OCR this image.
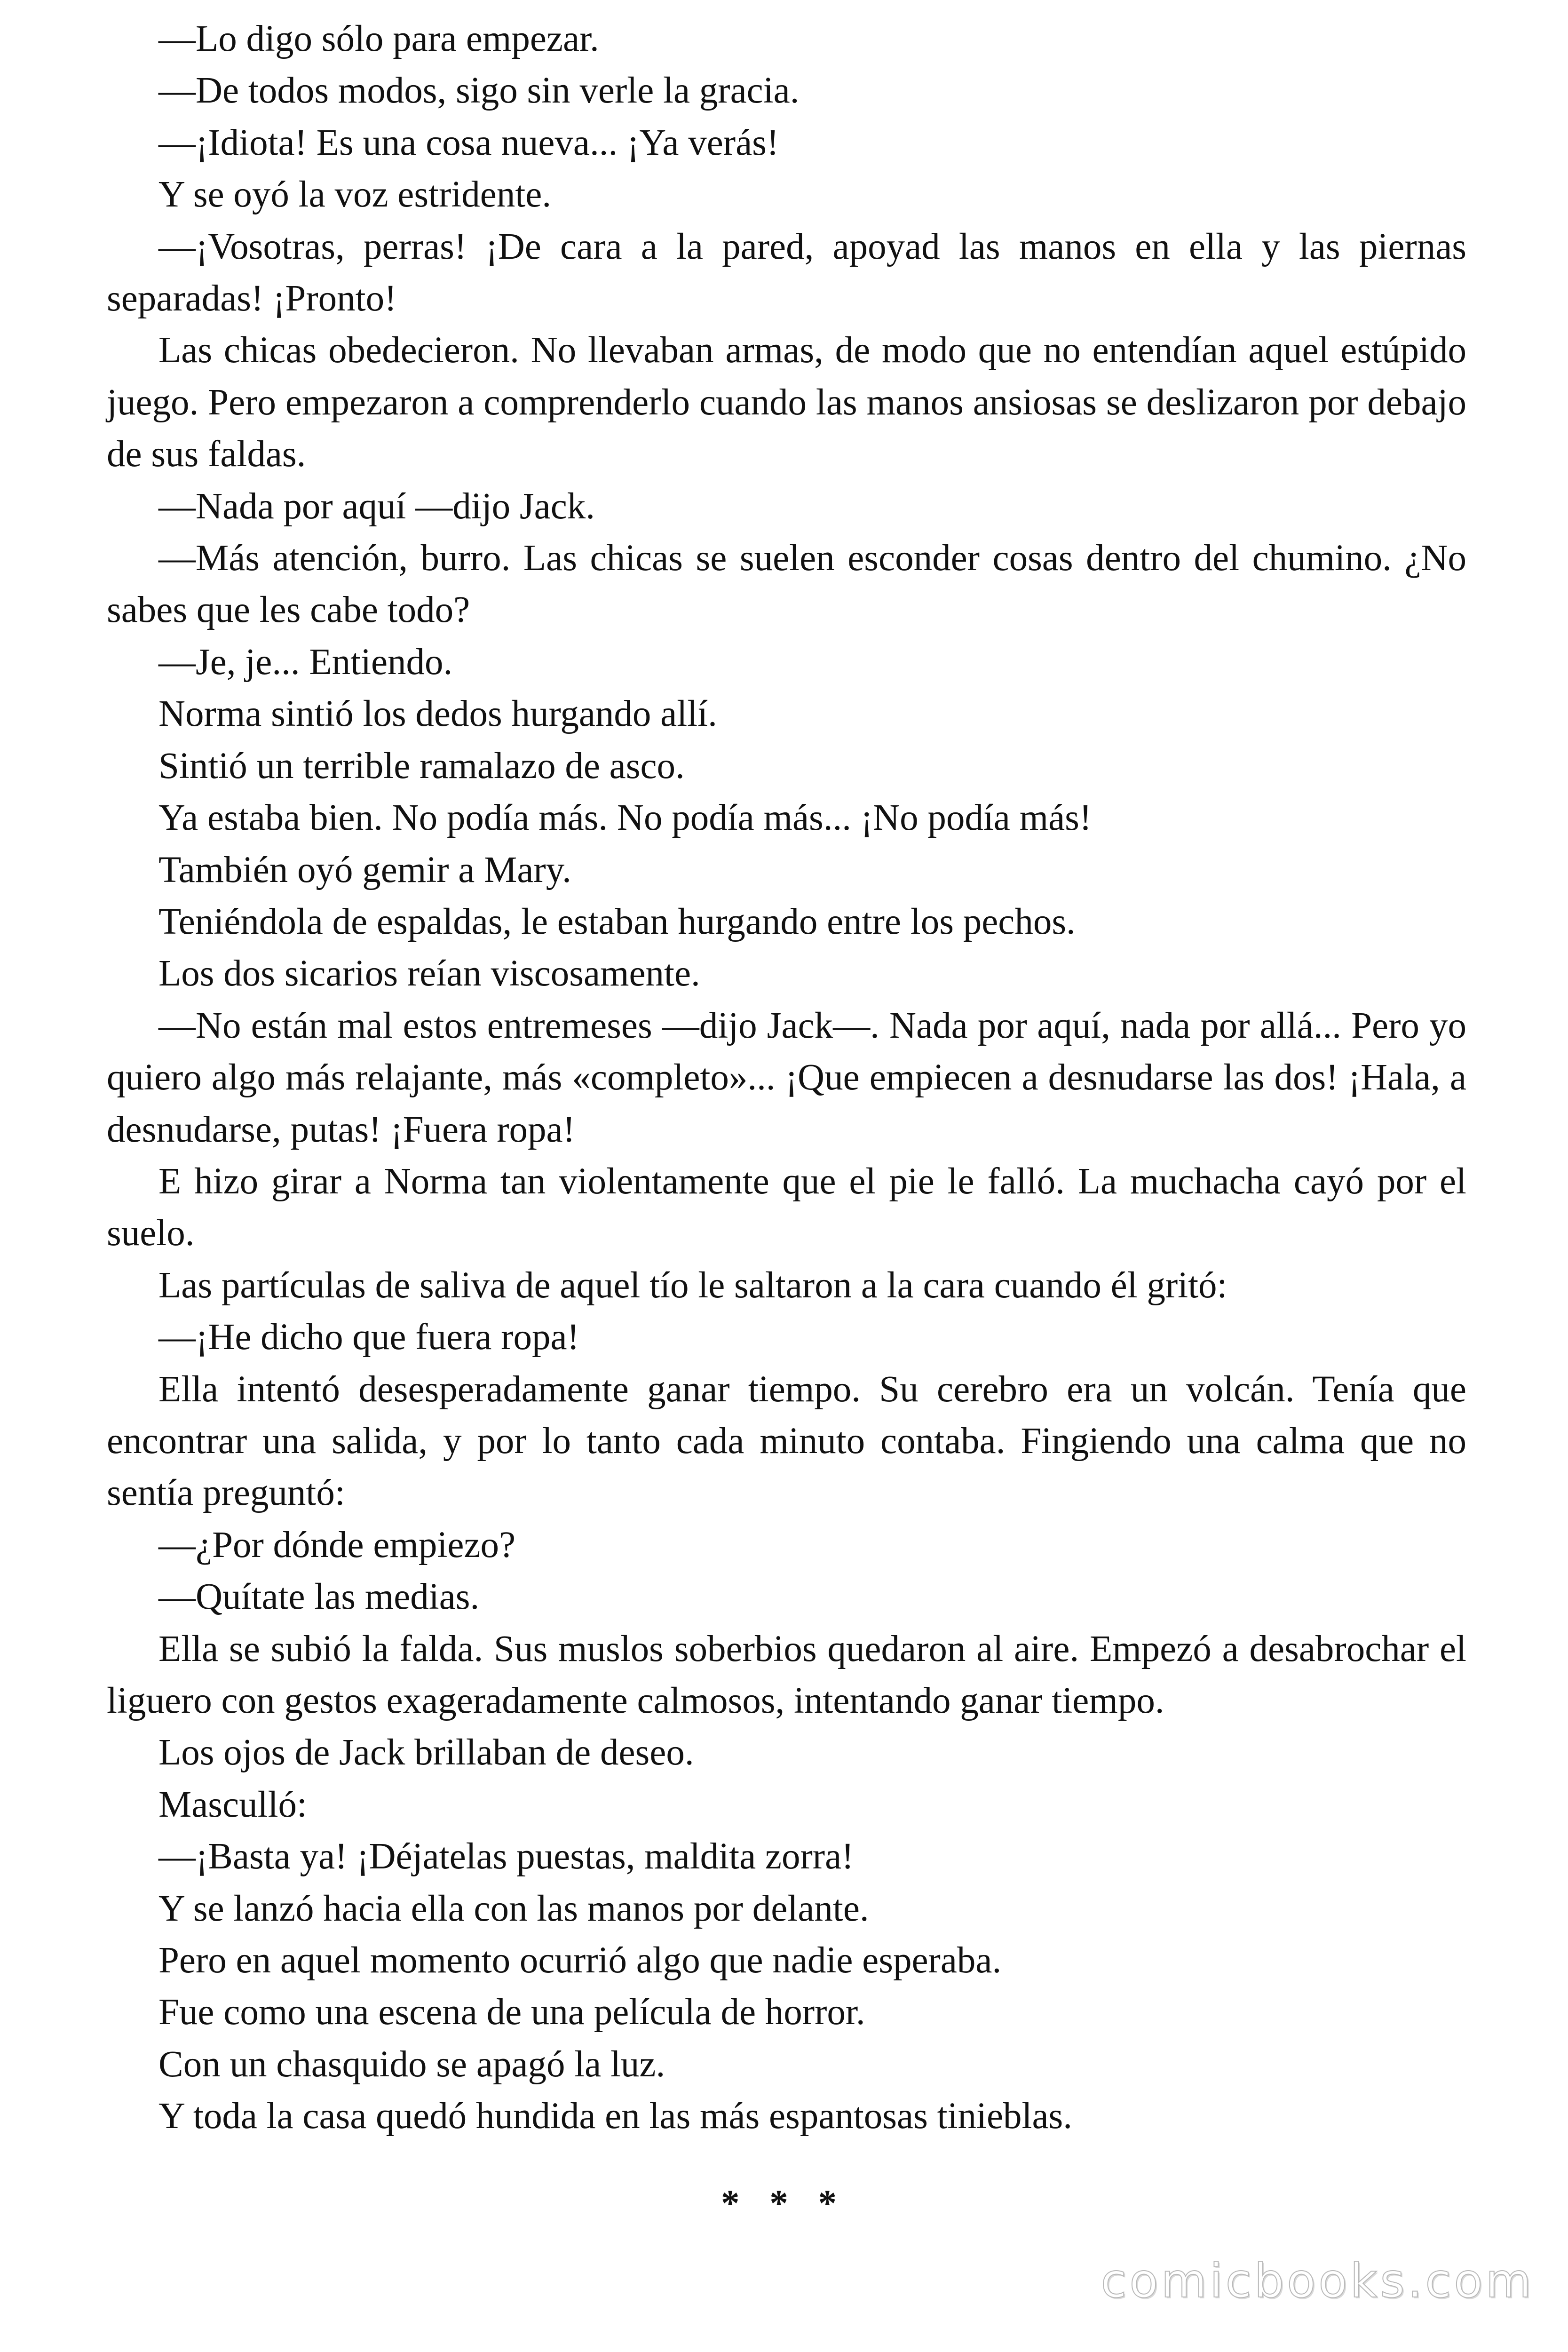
—Lo digo sólo para empezar.

—De todos modos, sigo sin verle la gracia.

—¡Idiota! Es una cosa nueva... ¡Ya verás!

Y se oyó la voz estridente.

—¡Vosotras, perras! ¡De cara a la pared, apoyad las manos en ella y las piernas separadas! ¡Pronto!

Las chicas obedecieron. No llevaban armas, de modo que no entendían aquel estúpido juego. Pero empezaron a comprenderlo cuando las manos ansiosas se deslizaron por debajo de sus faldas.

—Nada por aquí —dijo Jack.

—Más atención, burro. Las chicas se suelen esconder cosas dentro del chumino. ¿No sabes que les cabe todo?

—Je, je... Entiendo.

Norma sintió los dedos hurgando allí.

Sintió un terrible ramalazo de asco.

Ya estaba bien. No podía más. No podía más... ¡No podía más!

También oyó gemir a Mary.

Teniéndola de espaldas, le estaban hurgando entre los pechos.

Los dos sicarios reían viscosamente.

—No están mal estos entremeses —dijo Jack—. Nada por aquí, nada por allá... Pero yo quiero algo más relajante, más «completo»... ¡Que empiecen a desnudarse las dos! ¡Hala, a desnudarse, putas! ¡Fuera ropa!

E hizo girar a Norma tan violentamente que el pie le falló. La muchacha cayó por el suelo.

Las partículas de saliva de aquel tío le saltaron a la cara cuando él gritó:

—¡He dicho que fuera ropa!

Ella intentó desesperadamente ganar tiempo. Su cerebro era un volcán. Tenía que encontrar una salida, y por lo tanto cada minuto contaba. Fingiendo una calma que no sentía preguntó:

—¿Por dónde empiezo?

—Quítate las medias.

Ella se subió la falda. Sus muslos soberbios quedaron al aire. Empezó a desabrochar el liguero con gestos exageradamente calmosos, intentando ganar tiempo.

Los ojos de Jack brillaban de deseo.

Masculló:

—¡Basta ya! ¡Déjatelas puestas, maldita zorra!

Y se lanzó hacia ella con las manos por delante.

Pero en aquel momento ocurrió algo que nadie esperaba.

Fue como una escena de una película de horror.

Con un chasquido se apagó la luz.

Y toda la casa quedó hundida en las más espantosas tinieblas.

* * *
comicbooks.com
